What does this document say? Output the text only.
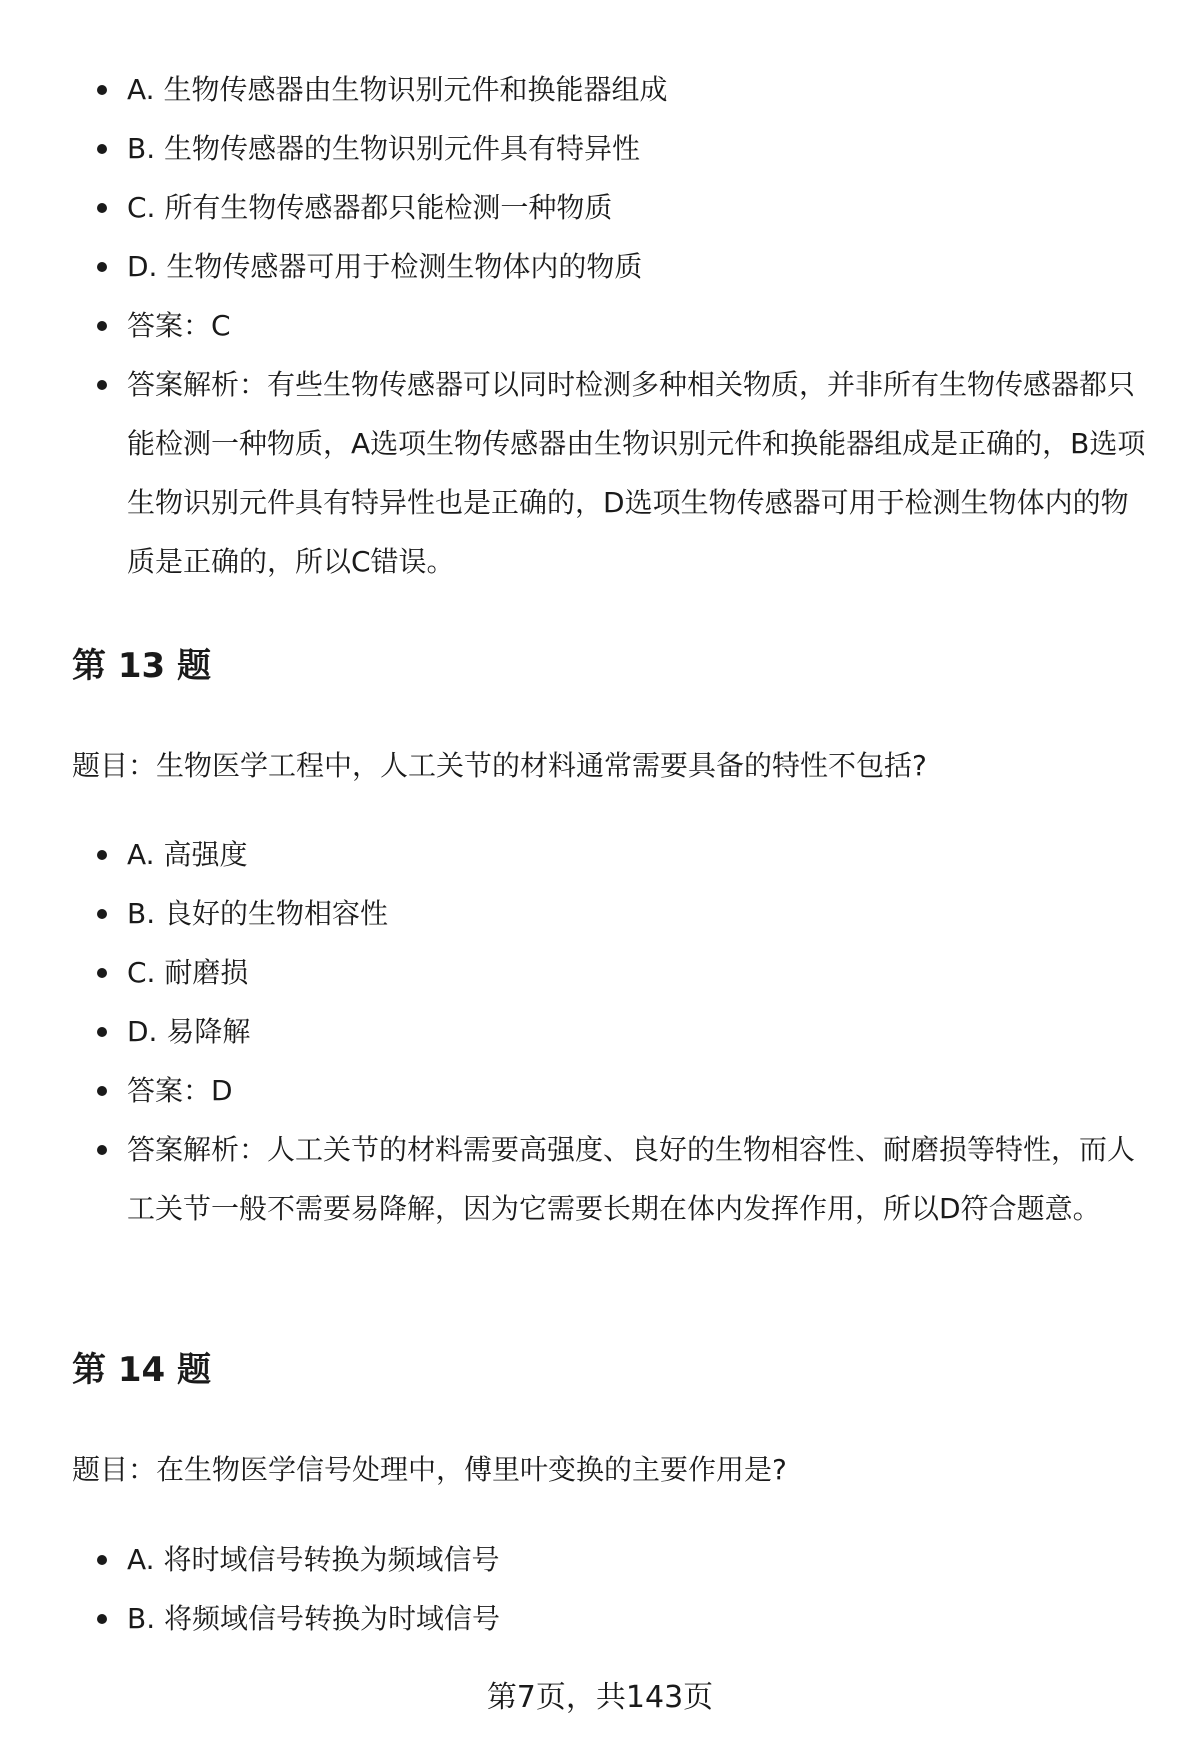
A. 生物传感器由生物识别元件和换能器组成
B. 生物传感器的生物识别元件具有特异性
C. 所有生物传感器都只能检测一种物质
D. 生物传感器可用于检测生物体内的物质
答案：C
答案解析：有些生物传感器可以同时检测多种相关物质，并非所有生物传感器都只能检测一种物质，A选项生物传感器由生物识别元件和换能器组成是正确的，B选项生物识别元件具有特异性也是正确的，D选项生物传感器可用于检测生物体内的物质是正确的，所以C错误。
第 13 题
题目：生物医学工程中，人工关节的材料通常需要具备的特性不包括?
A. 高强度
B. 良好的生物相容性
C. 耐磨损
D. 易降解
答案：D
答案解析：人工关节的材料需要高强度、良好的生物相容性、耐磨损等特性，而人工关节一般不需要易降解，因为它需要长期在体内发挥作用，所以D符合题意。
第 14 题
题目：在生物医学信号处理中，傅里叶变换的主要作用是?
A. 将时域信号转换为频域信号
B. 将频域信号转换为时域信号
第7页，共143页
